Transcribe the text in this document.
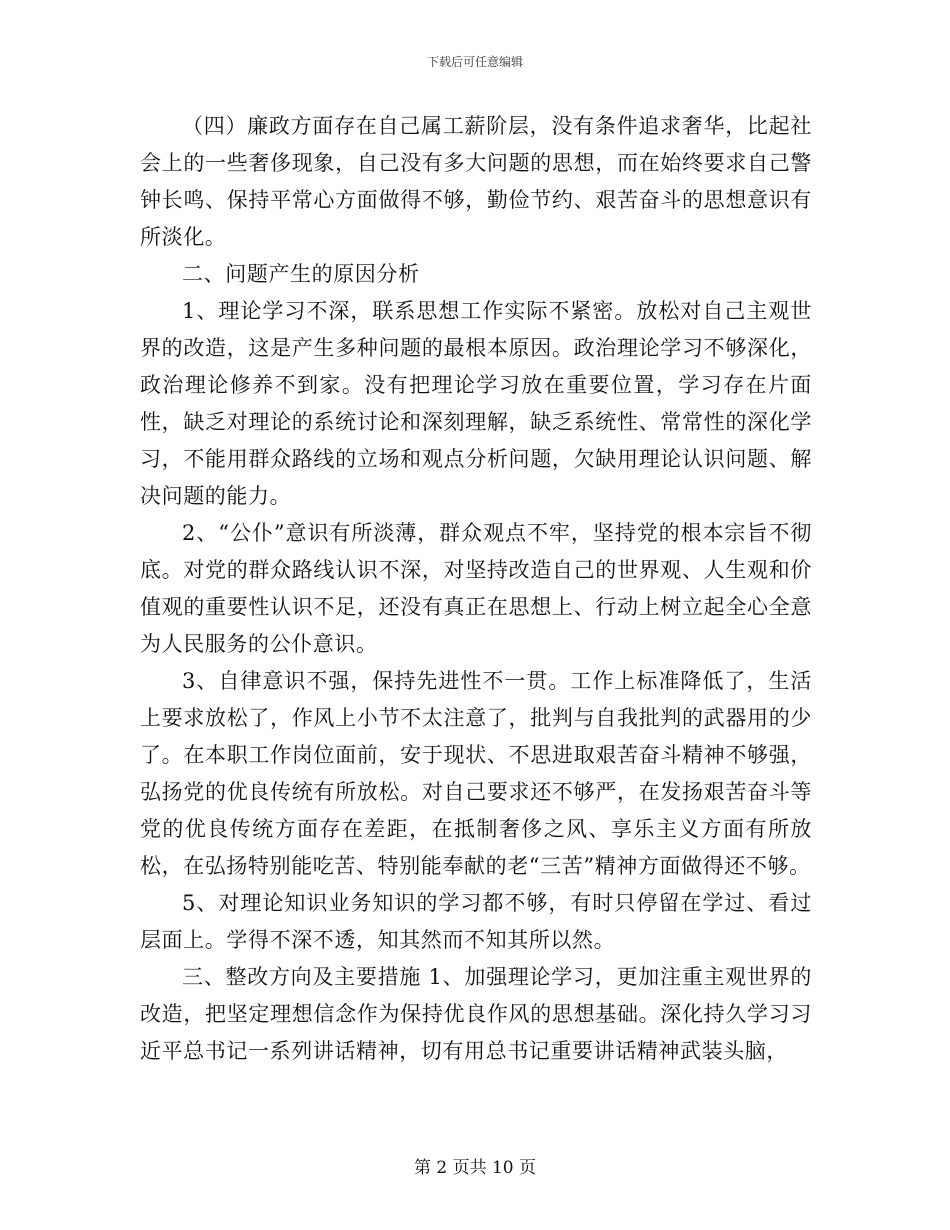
下载后可任意编辑

（四）廉政方面存在自己属工薪阶层，没有条件追求奢华，比起社会上的一些奢侈现象，自己没有多大问题的思想，而在始终要求自己警钟长鸣、保持平常心方面做得不够，勤俭节约、艰苦奋斗的思想意识有所淡化。

二、问题产生的原因分析

1、理论学习不深，联系思想工作实际不紧密。放松对自己主观世界的改造，这是产生多种问题的最根本原因。政治理论学习不够深化，政治理论修养不到家。没有把理论学习放在重要位置，学习存在片面性，缺乏对理论的系统讨论和深刻理解，缺乏系统性、常常性的深化学习，不能用群众路线的立场和观点分析问题，欠缺用理论认识问题、解决问题的能力。

2、“公仆”意识有所淡薄，群众观点不牢，坚持党的根本宗旨不彻底。对党的群众路线认识不深，对坚持改造自己的世界观、人生观和价值观的重要性认识不足，还没有真正在思想上、行动上树立起全心全意为人民服务的公仆意识。

3、自律意识不强，保持先进性不一贯。工作上标准降低了，生活上要求放松了，作风上小节不太注意了，批判与自我批判的武器用的少了。在本职工作岗位面前，安于现状、不思进取艰苦奋斗精神不够强，弘扬党的优良传统有所放松。对自己要求还不够严，在发扬艰苦奋斗等党的优良传统方面存在差距，在抵制奢侈之风、享乐主义方面有所放松，在弘扬特别能吃苦、特别能奉献的老“三苦”精神方面做得还不够。

5、对理论知识业务知识的学习都不够，有时只停留在学过、看过层面上。学得不深不透，知其然而不知其所以然。

三、整改方向及主要措施 1、加强理论学习，更加注重主观世界的改造，把坚定理想信念作为保持优良作风的思想基础。深化持久学习习近平总书记一系列讲话精神，切有用总书记重要讲话精神武装头脑，

第 2 页共 10 页
